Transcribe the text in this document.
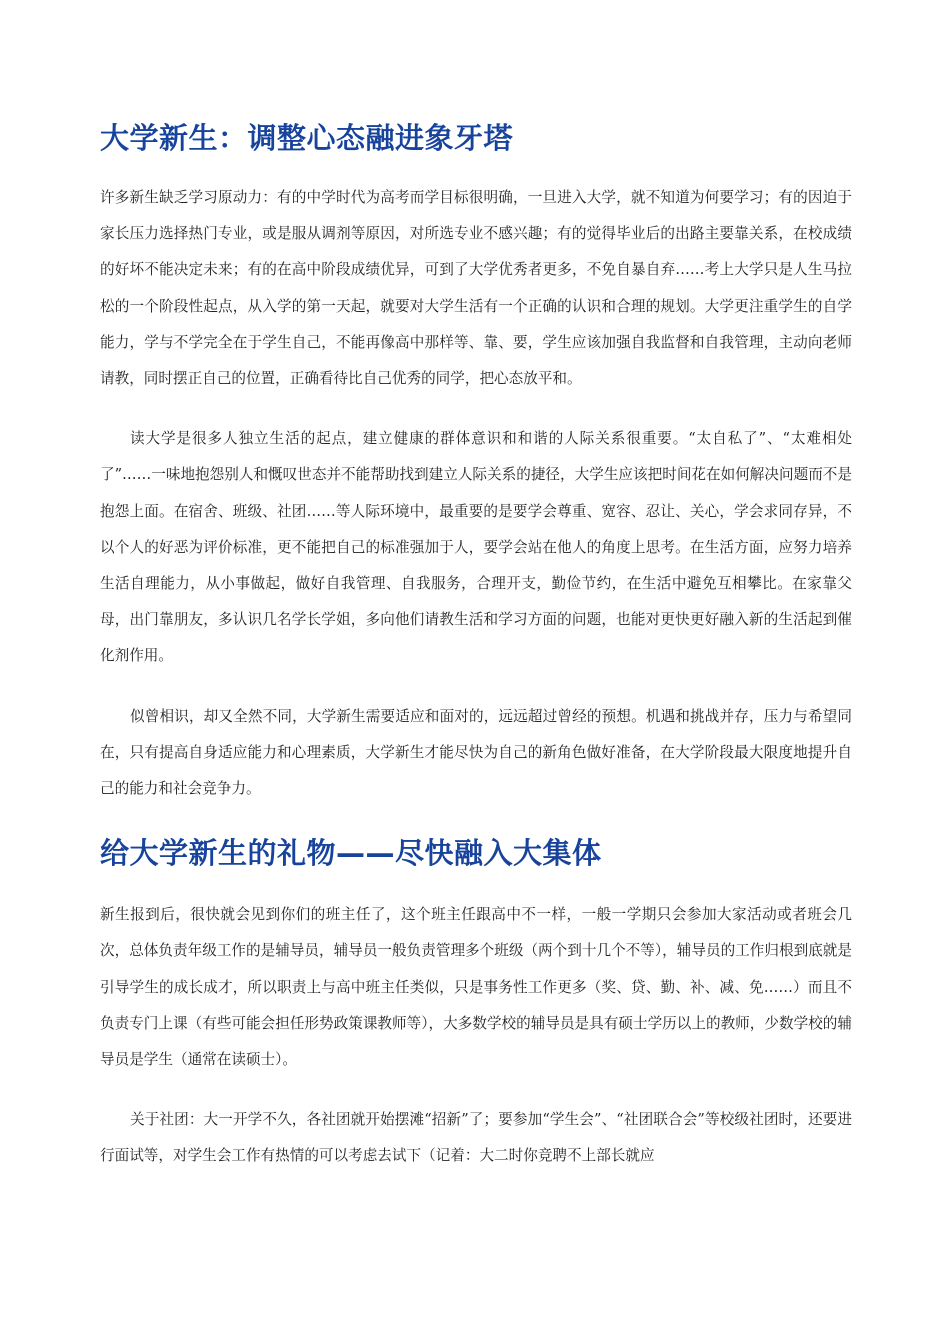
大学新生：调整心态融进象牙塔

许多新生缺乏学习原动力：有的中学时代为高考而学目标很明确，一旦进入大学，就不知道为何要学习；有的因迫于家长压力选择热门专业，或是服从调剂等原因，对所选专业不感兴趣；有的觉得毕业后的出路主要靠关系，在校成绩的好坏不能决定未来；有的在高中阶段成绩优异，可到了大学优秀者更多，不免自暴自弃……考上大学只是人生马拉松的一个阶段性起点，从入学的第一天起，就要对大学生活有一个正确的认识和合理的规划。大学更注重学生的自学能力，学与不学完全在于学生自己，不能再像高中那样等、靠、要，学生应该加强自我监督和自我管理，主动向老师请教，同时摆正自己的位置，正确看待比自己优秀的同学，把心态放平和。

读大学是很多人独立生活的起点，建立健康的群体意识和和谐的人际关系很重要。“太自私了”、“太难相处了”……一味地抱怨别人和慨叹世态并不能帮助找到建立人际关系的捷径，大学生应该把时间花在如何解决问题而不是抱怨上面。在宿舍、班级、社团……等人际环境中，最重要的是要学会尊重、宽容、忍让、关心，学会求同存异，不以个人的好恶为评价标准，更不能把自己的标准强加于人，要学会站在他人的角度上思考。在生活方面，应努力培养生活自理能力，从小事做起，做好自我管理、自我服务，合理开支，勤俭节约，在生活中避免互相攀比。在家靠父母，出门靠朋友，多认识几名学长学姐，多向他们请教生活和学习方面的问题，也能对更快更好融入新的生活起到催化剂作用。

似曾相识，却又全然不同，大学新生需要适应和面对的，远远超过曾经的预想。机遇和挑战并存，压力与希望同在，只有提高自身适应能力和心理素质，大学新生才能尽快为自己的新角色做好准备，在大学阶段最大限度地提升自己的能力和社会竞争力。

给大学新生的礼物——尽快融入大集体

新生报到后，很快就会见到你们的班主任了，这个班主任跟高中不一样，一般一学期只会参加大家活动或者班会几次，总体负责年级工作的是辅导员，辅导员一般负责管理多个班级（两个到十几个不等），辅导员的工作归根到底就是引导学生的成长成才，所以职责上与高中班主任类似，只是事务性工作更多（奖、贷、勤、补、减、免……）而且不负责专门上课（有些可能会担任形势政策课教师等），大多数学校的辅导员是具有硕士学历以上的教师，少数学校的辅导员是学生（通常在读硕士）。

关于社团：大一开学不久，各社团就开始摆滩“招新”了；要参加“学生会”、“社团联合会”等校级社团时，还要进行面试等，对学生会工作有热情的可以考虑去试下（记着：大二时你竞聘不上部长就应
